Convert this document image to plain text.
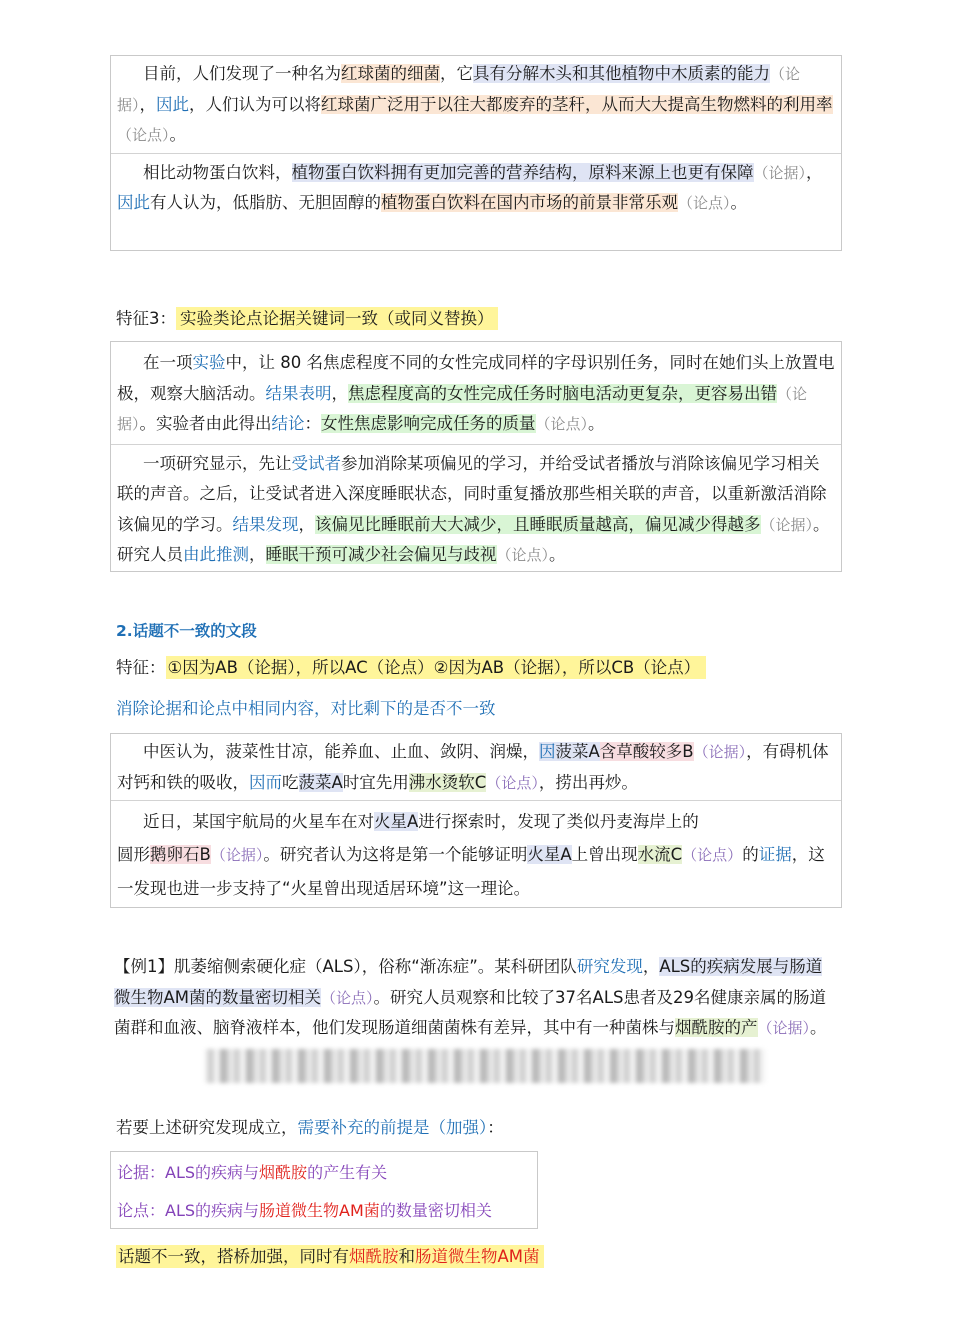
目前，人们发现了一种名为红球菌的细菌，它具有分解木头和其他植物中木质素的能力（论据），因此，人们认为可以将红球菌广泛用于以往大都废弃的茎秆，从而大大提高生物燃料的利用率（论点）。
相比动物蛋白饮料，植物蛋白饮料拥有更加完善的营养结构，原料来源上也更有保障（论据），因此有人认为，低脂肪、无胆固醇的植物蛋白饮料在国内市场的前景非常乐观（论点）。
特征3： 实验类论点论据关键词一致（或同义替换）
在一项实验中，让 80 名焦虑程度不同的女性完成同样的字母识别任务，同时在她们头上放置电极，观察大脑活动。结果表明，焦虑程度高的女性完成任务时脑电活动更复杂，更容易出错（论据）。实验者由此得出结论：女性焦虑影响完成任务的质量（论点）。
一项研究显示，先让受试者参加消除某项偏见的学习，并给受试者播放与消除该偏见学习相关联的声音。之后，让受试者进入深度睡眠状态，同时重复播放那些相关联的声音，以重新激活消除该偏见的学习。结果发现，该偏见比睡眠前大大减少，且睡眠质量越高，偏见减少得越多（论据）。研究人员由此推测，睡眠干预可减少社会偏见与歧视（论点）。
2.话题不一致的文段
特征： ①因为AB（论据），所以AC（论点）②因为AB（论据），所以CB（论点）
消除论据和论点中相同内容，对比剩下的是否不一致
中医认为，菠菜性甘凉，能养血、止血、敛阴、润燥，因菠菜A含草酸较多B（论据），有碍机体对钙和铁的吸收，因而吃菠菜A时宜先用沸水烫软C（论点），捞出再炒。
近日，某国宇航局的火星车在对火星A进行探索时，发现了类似丹麦海岸上的
圆形鹅卵石B（论据）。研究者认为这将是第一个能够证明火星A上曾出现水流C（论点）的证据，这一发现也进一步支持了“火星曾出现适居环境”这一理论。
【例1】肌萎缩侧索硬化症（ALS），俗称“渐冻症”。某科研团队研究发现，ALS的疾病发展与肠道微生物AM菌的数量密切相关（论点）。研究人员观察和比较了37名ALS患者及29名健康亲属的肠道菌群和血液、脑脊液样本，他们发现肠道细菌菌株有差异，其中有一种菌株与烟酰胺的产（论据）。
若要上述研究发现成立，需要补充的前提是（加强）：
论据：ALS的疾病与烟酰胺的产生有关
论点：ALS的疾病与肠道微生物AM菌的数量密切相关
话题不一致，搭桥加强，同时有烟酰胺和肠道微生物AM菌
